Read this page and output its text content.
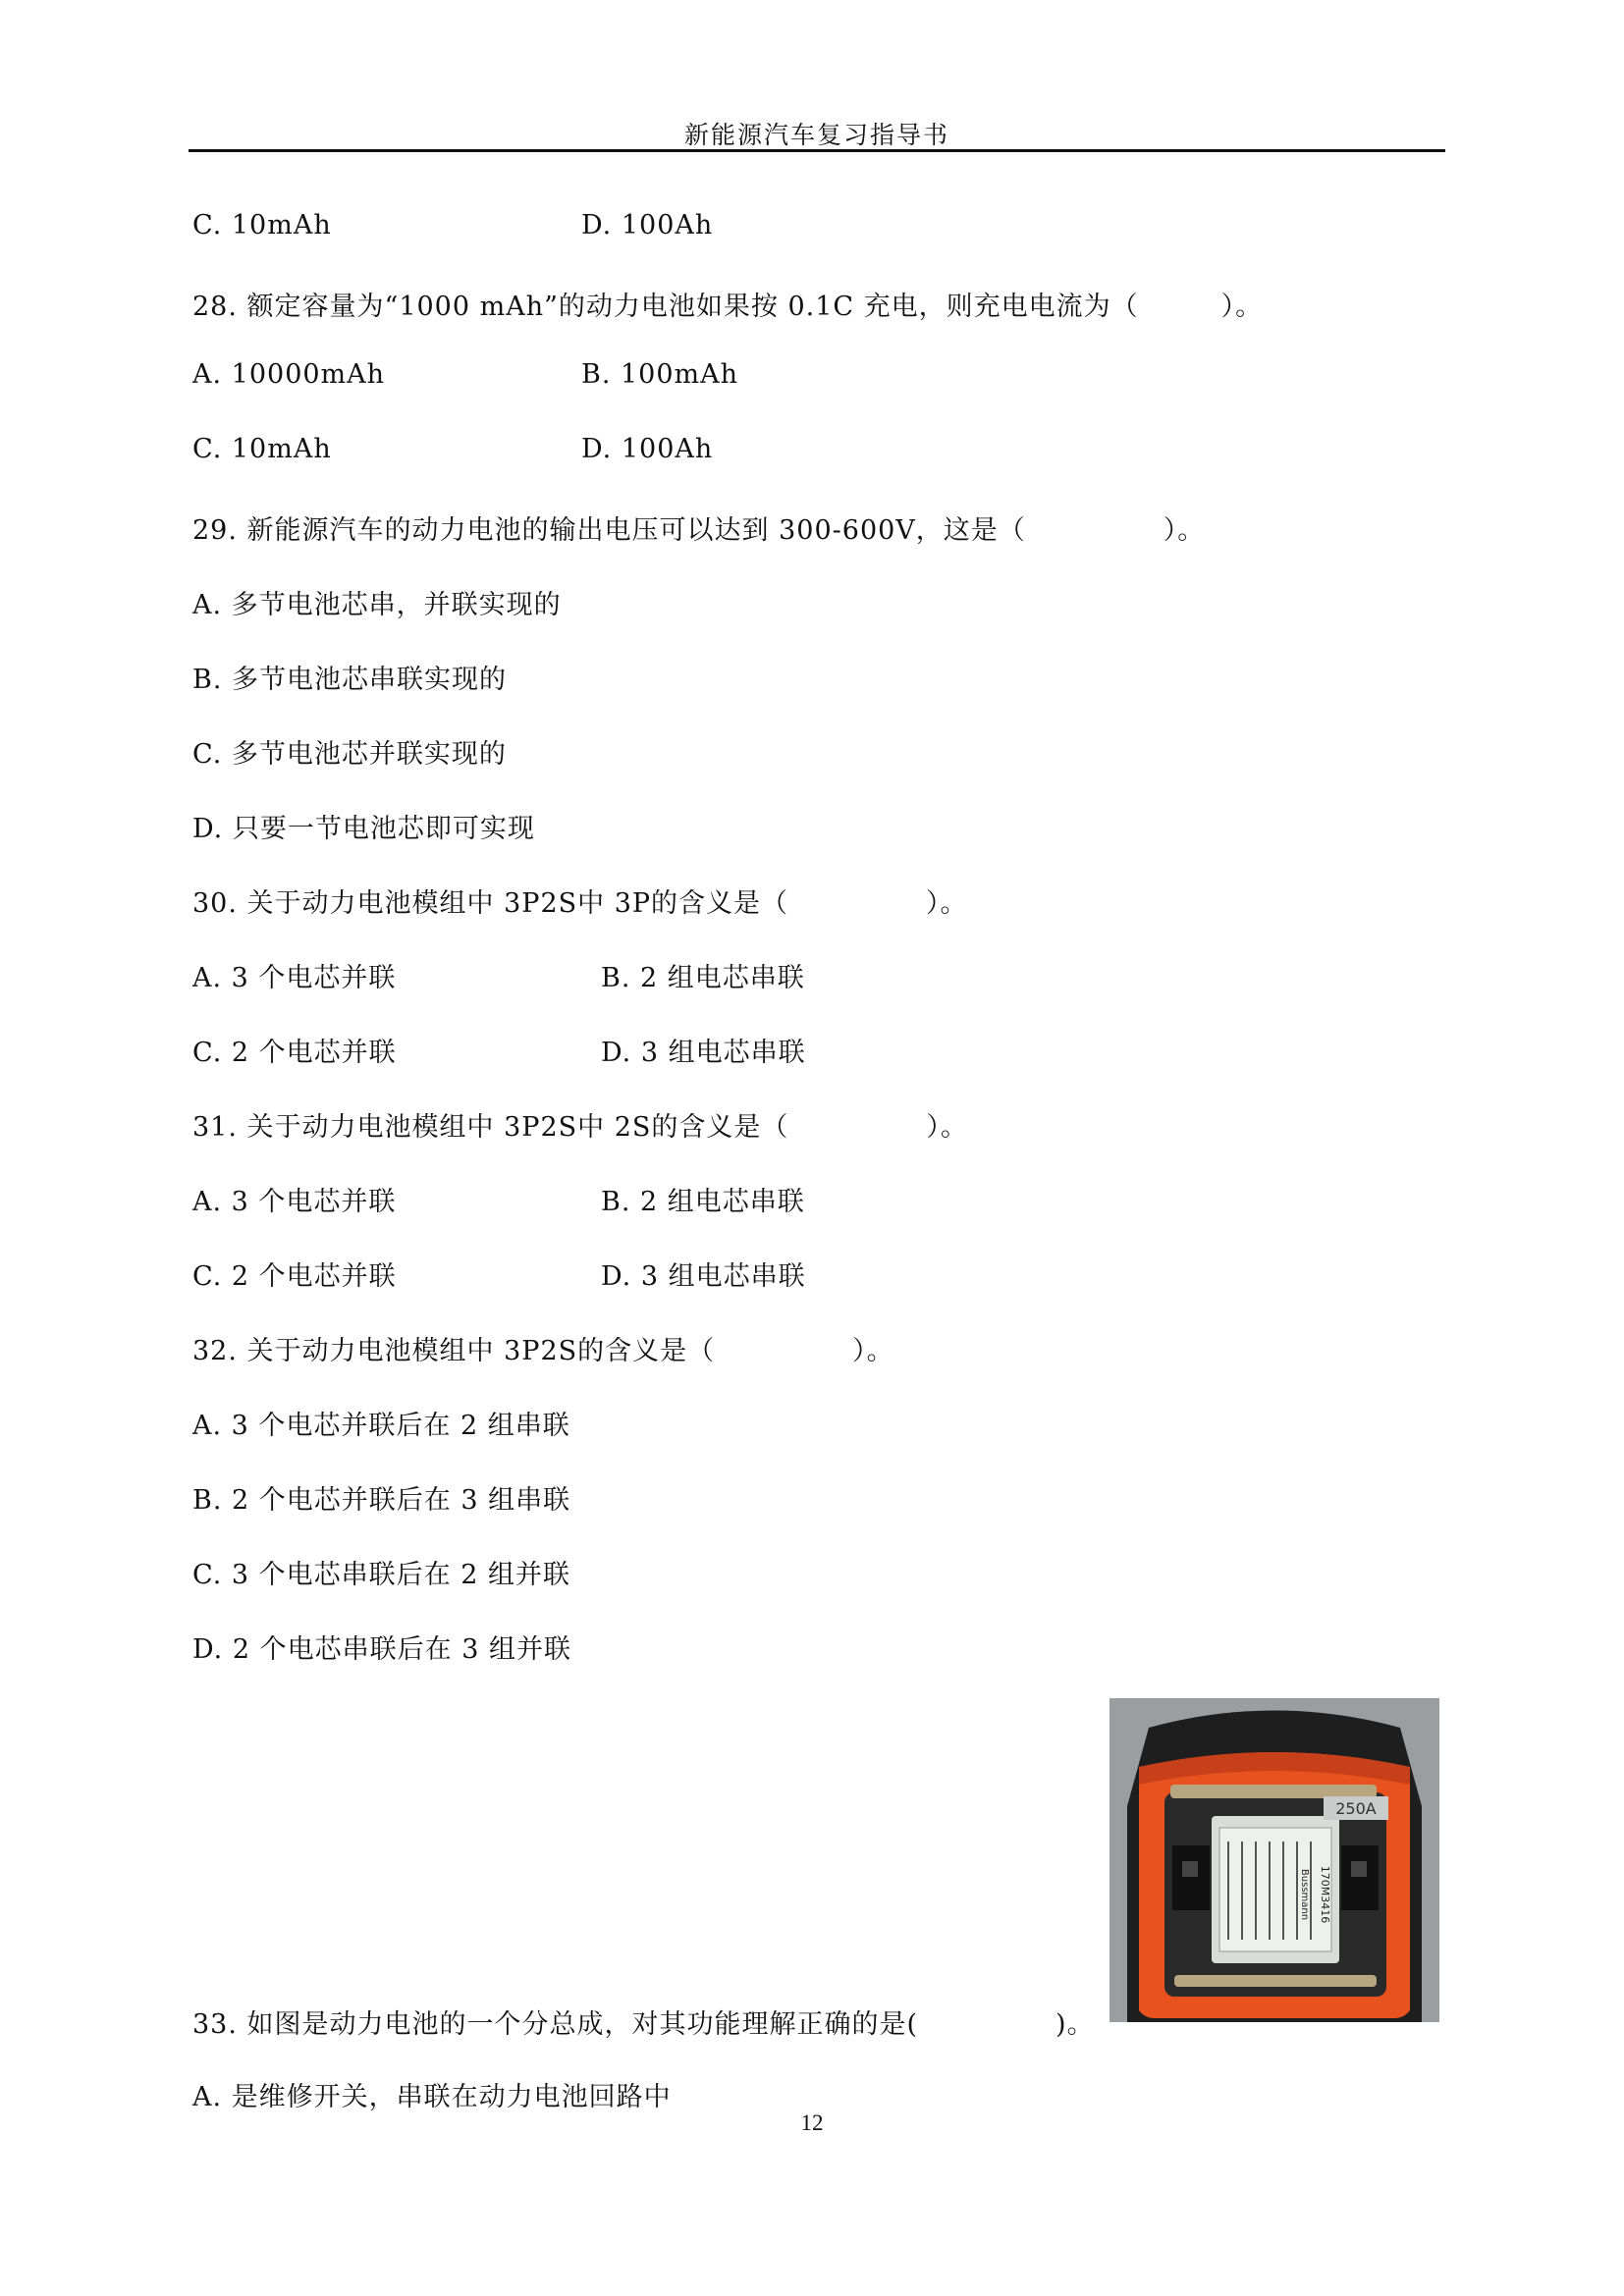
新能源汽车复习指导书
C. 10mAh	D. 100Ah
28. 额定容量为“1000 mAh”的动力电池如果按 0.1C 充电，则充电电流为（　　　）。
A. 10000mAh	B. 100mAh
C. 10mAh	D. 100Ah
29. 新能源汽车的动力电池的输出电压可以达到 300-600V，这是（　　　　　）。
A. 多节电池芯串，并联实现的
B. 多节电池芯串联实现的
C. 多节电池芯并联实现的
D. 只要一节电池芯即可实现
30. 关于动力电池模组中 3P2S中 3P的含义是（　　　　　）。
A. 3 个电芯并联	B. 2 组电芯串联
C. 2 个电芯并联	D. 3 组电芯串联
31. 关于动力电池模组中 3P2S中 2S的含义是（　　　　　）。
A. 3 个电芯并联	B. 2 组电芯串联
C. 2 个电芯并联	D. 3 组电芯串联
32. 关于动力电池模组中 3P2S的含义是（　　　　　）。
A. 3 个电芯并联后在 2 组串联
B. 2 个电芯并联后在 3 组串联
C. 3 个电芯串联后在 2 组并联
D. 2 个电芯串联后在 3 组并联
250A
170M3416
Bussmann
33. 如图是动力电池的一个分总成，对其功能理解正确的是(　　　　　)。
A. 是维修开关，串联在动力电池回路中
12
